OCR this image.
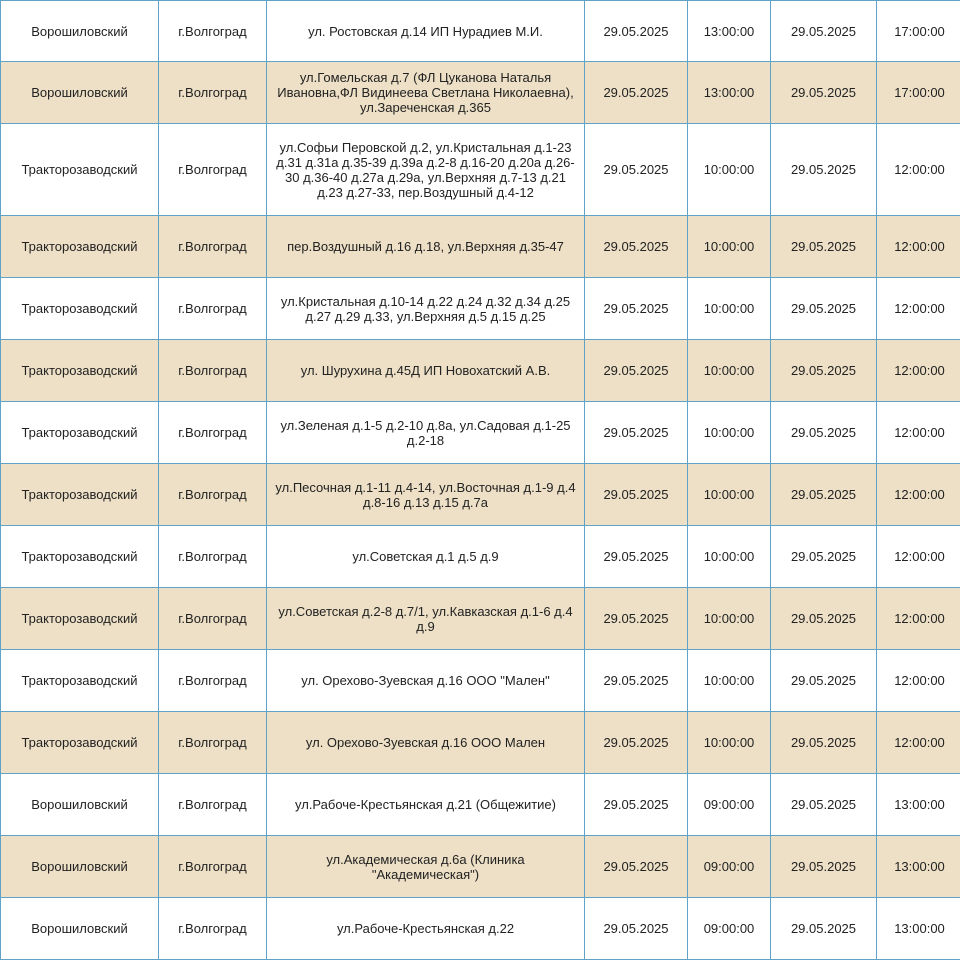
Ворошиловский	г.Волгоград	ул. Ростовская д.14 ИП Нурадиев М.И.	29.05.2025	13:00:00	29.05.2025	17:00:00
Ворошиловский	г.Волгоград	ул.Гомельская д.7 (ФЛ Цуканова Наталья Ивановна,ФЛ Видинеева Светлана Николаевна), ул.Зареченская д.365	29.05.2025	13:00:00	29.05.2025	17:00:00
Тракторозаводский	г.Волгоград	ул.Софьи Перовской д.2, ул.Кристальная д.1-23 д.31 д.31а д.35-39 д.39а д.2-8 д.16-20 д.20а д.26-30 д.36-40 д.27а д.29а, ул.Верхняя д.7-13 д.21 д.23 д.27-33, пер.Воздушный д.4-12	29.05.2025	10:00:00	29.05.2025	12:00:00
Тракторозаводский	г.Волгоград	пер.Воздушный д.16 д.18, ул.Верхняя д.35-47	29.05.2025	10:00:00	29.05.2025	12:00:00
Тракторозаводский	г.Волгоград	ул.Кристальная д.10-14 д.22 д.24 д.32 д.34 д.25 д.27 д.29 д.33, ул.Верхняя д.5 д.15 д.25	29.05.2025	10:00:00	29.05.2025	12:00:00
Тракторозаводский	г.Волгоград	ул. Шурухина д.45Д ИП Новохатский А.В.	29.05.2025	10:00:00	29.05.2025	12:00:00
Тракторозаводский	г.Волгоград	ул.Зеленая д.1-5 д.2-10 д.8а, ул.Садовая д.1-25 д.2-18	29.05.2025	10:00:00	29.05.2025	12:00:00
Тракторозаводский	г.Волгоград	ул.Песочная д.1-11 д.4-14, ул.Восточная д.1-9 д.4 д.8-16 д.13 д.15 д.7а	29.05.2025	10:00:00	29.05.2025	12:00:00
Тракторозаводский	г.Волгоград	ул.Советская д.1 д.5 д.9	29.05.2025	10:00:00	29.05.2025	12:00:00
Тракторозаводский	г.Волгоград	ул.Советская д.2-8 д.7/1, ул.Кавказская д.1-6 д.4 д.9	29.05.2025	10:00:00	29.05.2025	12:00:00
Тракторозаводский	г.Волгоград	ул. Орехово-Зуевская д.16 ООО "Мален"	29.05.2025	10:00:00	29.05.2025	12:00:00
Тракторозаводский	г.Волгоград	ул. Орехово-Зуевская д.16 ООО Мален	29.05.2025	10:00:00	29.05.2025	12:00:00
Ворошиловский	г.Волгоград	ул.Рабоче-Крестьянская д.21 (Общежитие)	29.05.2025	09:00:00	29.05.2025	13:00:00
Ворошиловский	г.Волгоград	ул.Академическая д.6а (Клиника "Академическая")	29.05.2025	09:00:00	29.05.2025	13:00:00
Ворошиловский	г.Волгоград	ул.Рабоче-Крестьянская д.22	29.05.2025	09:00:00	29.05.2025	13:00:00
